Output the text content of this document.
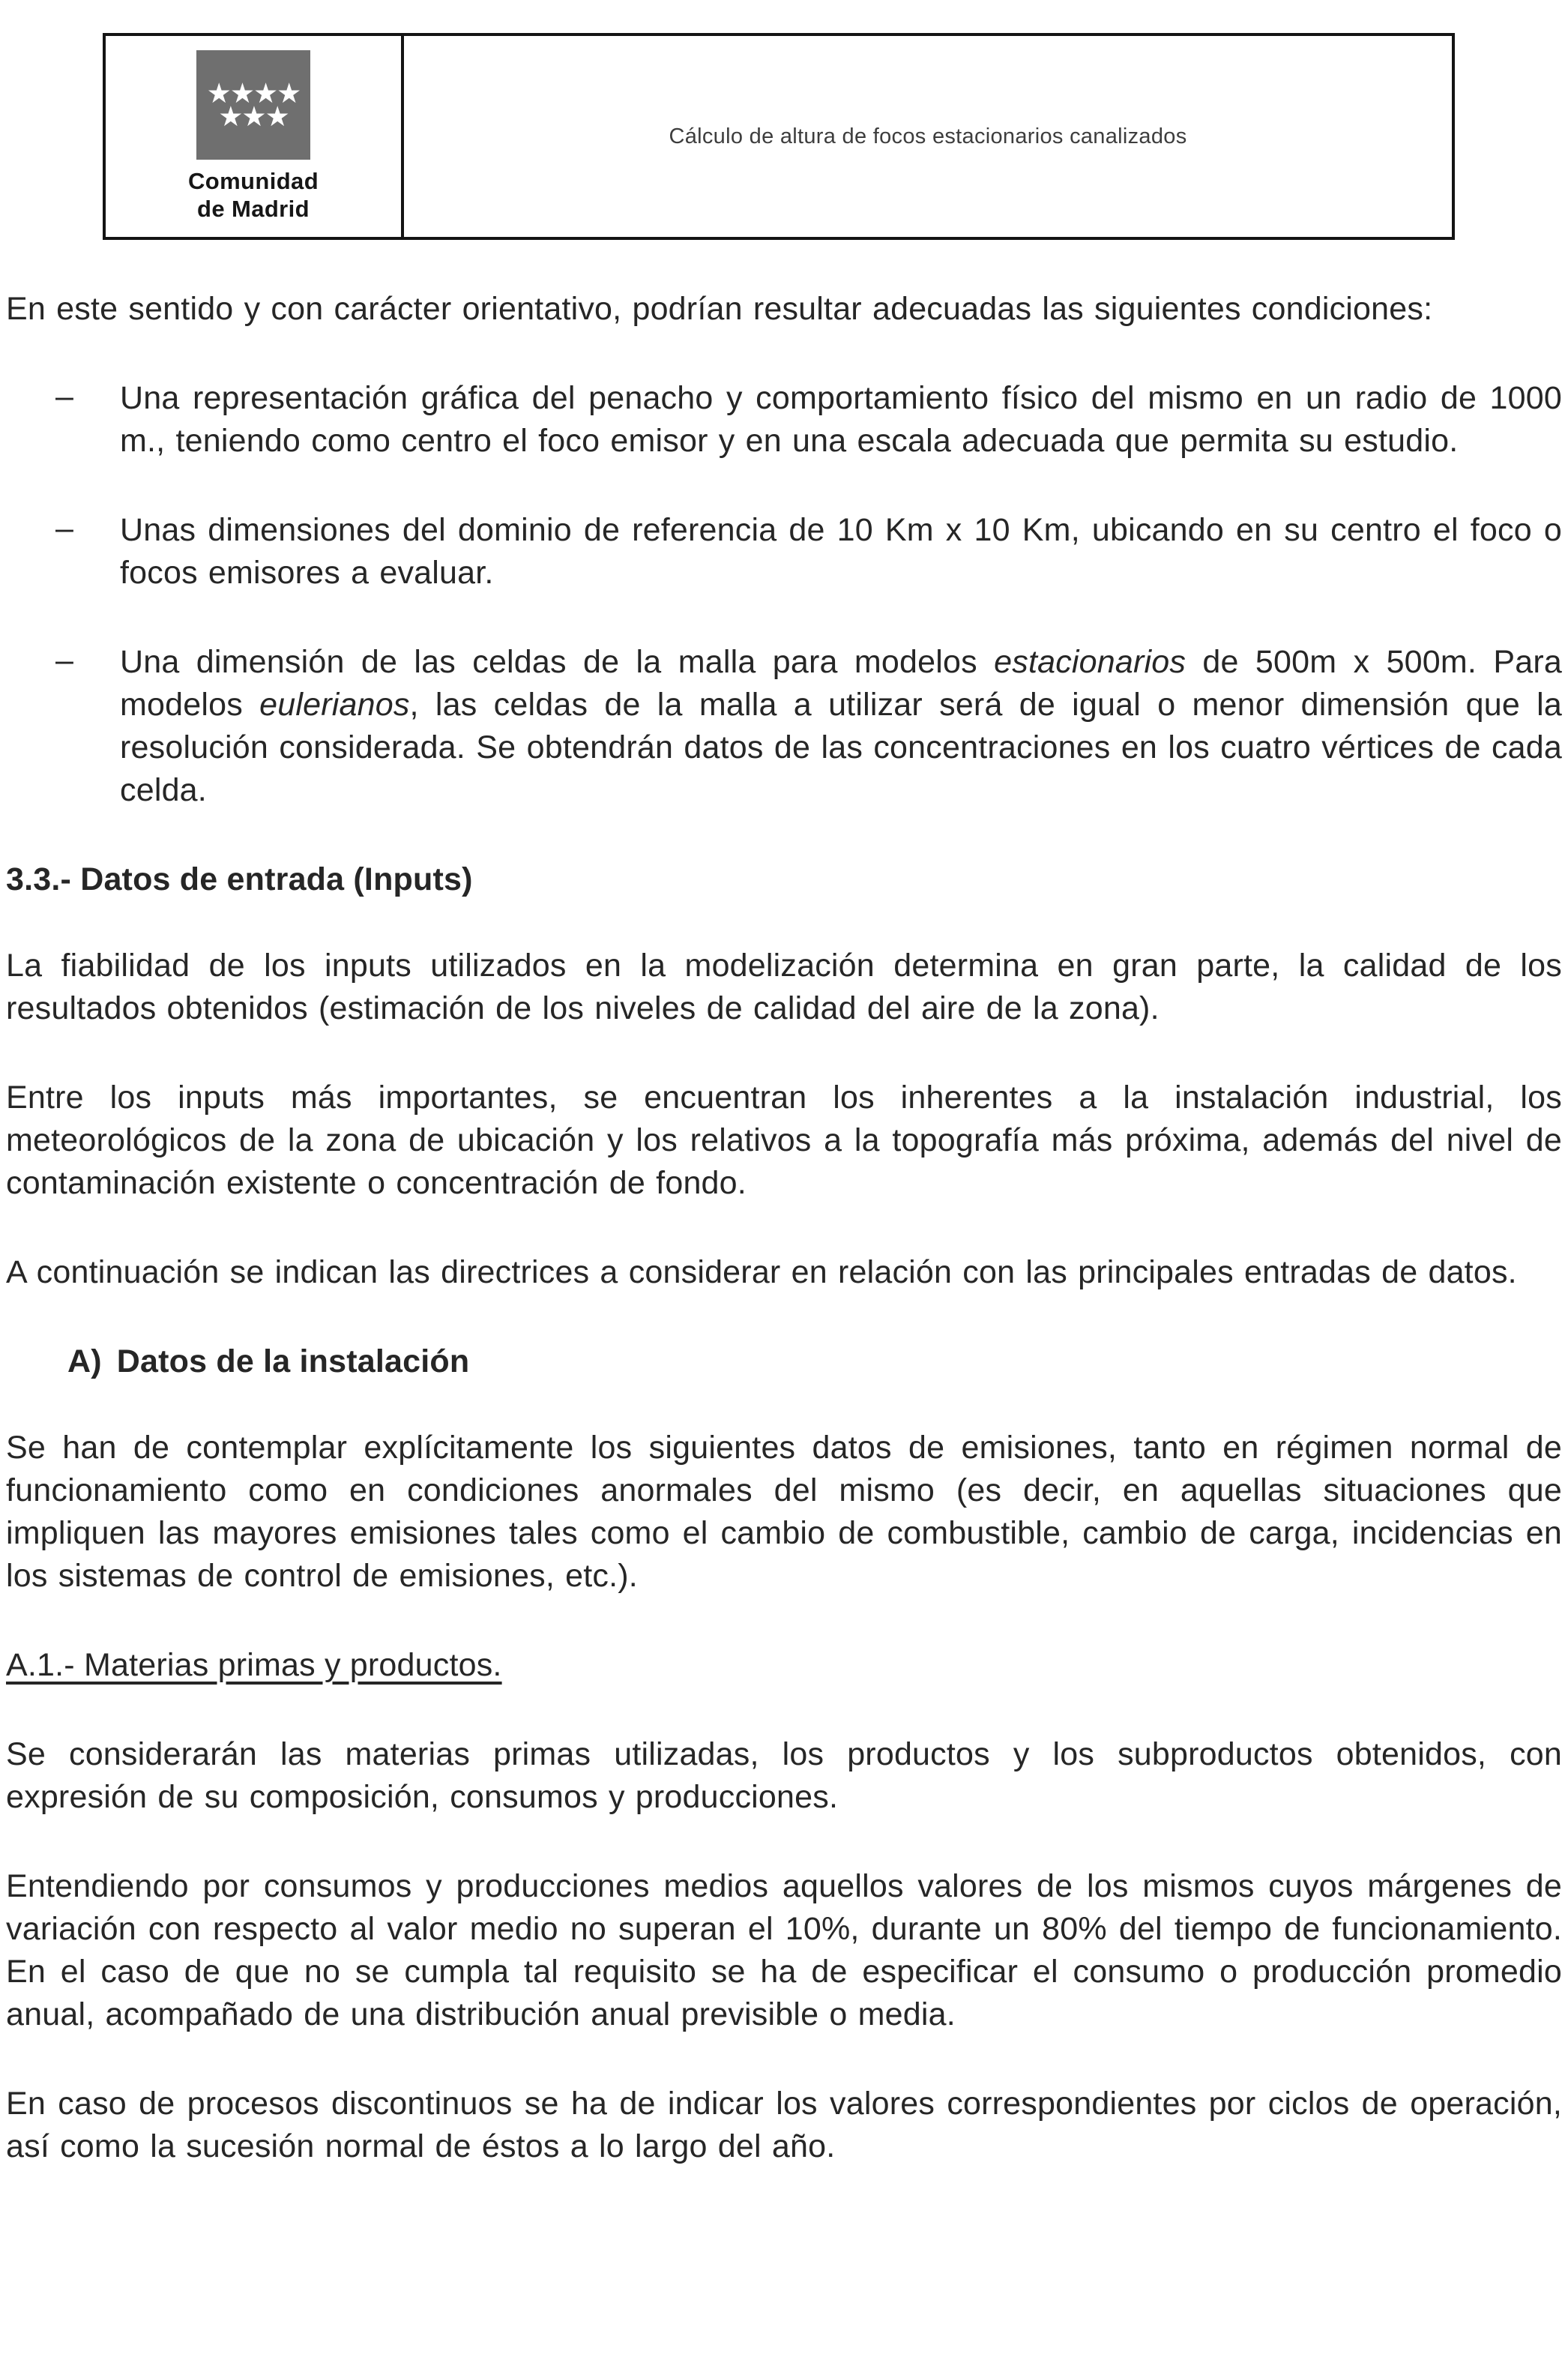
★ ★ ★ ★
★ ★ ★
Comunidad
de Madrid
Cálculo de altura de focos estacionarios canalizados

En este sentido y con carácter orientativo, podrían resultar adecuadas las siguientes condiciones:

– Una representación gráfica del penacho y comportamiento físico del mismo en un radio de 1000 m., teniendo como centro el foco emisor y en una escala adecuada que permita su estudio.
– Unas dimensiones del dominio de referencia de 10 Km x 10 Km, ubicando en su centro el foco o focos emisores a evaluar.
– Una dimensión de las celdas de la malla para modelos estacionarios de 500m x 500m. Para modelos eulerianos, las celdas de la malla a utilizar será de igual o menor dimensión que la resolución considerada. Se obtendrán datos de las concentraciones en los cuatro vértices de cada celda.
3.3.- Datos de entrada (Inputs)

La fiabilidad de los inputs utilizados en la modelización determina en gran parte, la calidad de los resultados obtenidos (estimación de los niveles de calidad del aire de la zona).

Entre los inputs más importantes, se encuentran los inherentes a la instalación industrial, los meteorológicos de la zona de ubicación y los relativos a la topografía más próxima, además del nivel de contaminación existente o concentración de fondo.

A continuación se indican las directrices a considerar en relación con las principales entradas de datos.

A) Datos de la instalación

Se han de contemplar explícitamente los siguientes datos de emisiones, tanto en régimen normal de funcionamiento como en condiciones anormales del mismo (es decir, en aquellas situaciones que impliquen las mayores emisiones tales como el cambio de combustible, cambio de carga, incidencias en los sistemas de control de emisiones, etc.).

A.1.- Materias primas y productos.

Se considerarán las materias primas utilizadas, los productos y los subproductos obtenidos, con expresión de su composición, consumos y producciones.

Entendiendo por consumos y producciones medios aquellos valores de los mismos cuyos márgenes de variación con respecto al valor medio no superan el 10%, durante un 80% del tiempo de funcionamiento. En el caso de que no se cumpla tal requisito se ha de especificar el consumo o producción promedio anual, acompañado de una distribución anual previsible o media.

En caso de procesos discontinuos se ha de indicar los valores correspondientes por ciclos de operación, así como la sucesión normal de éstos a lo largo del año.
